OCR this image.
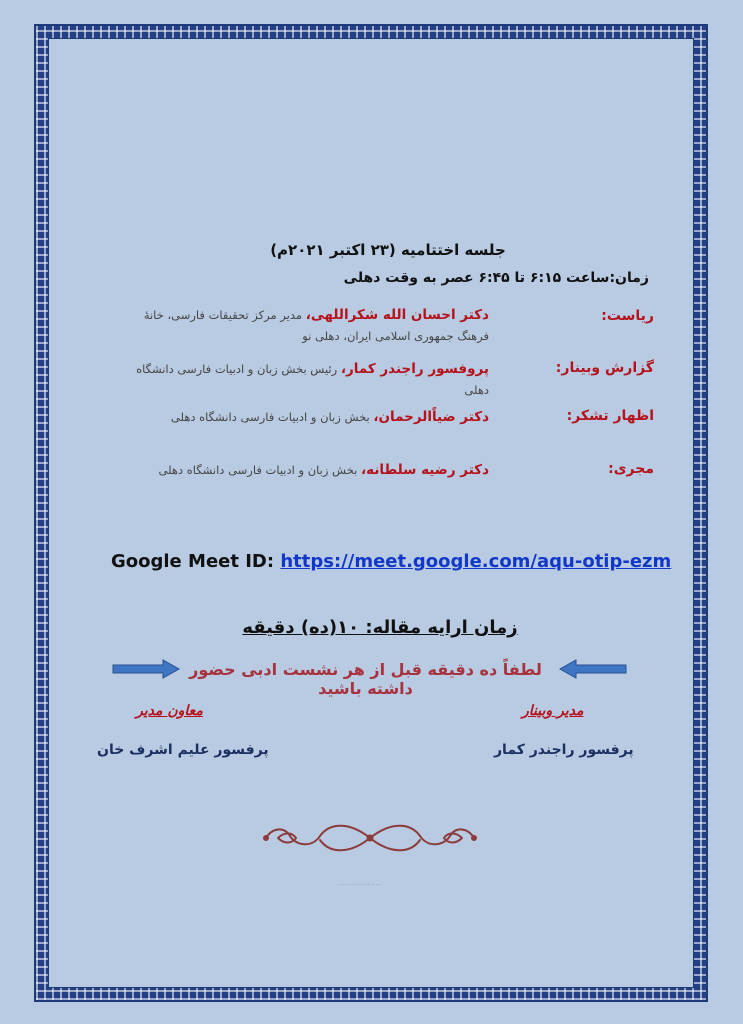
جلسه اختتامیه (۲۳ اکتبر ۲۰۲۱م)
زمان:ساعت ۶:۱۵ تا ۶:۴۵ عصر به وقت دهلی
ریاست:
دکتر احسان الله شکراللهی، مدیر مرکز تحقیقات فارسی، خانهٔ فرهنگ جمهوری اسلامی ایران، دهلی نو
گزارش وبینار:
پروفسور راجندر کمار، رئیس بخش زبان و ادبیات فارسی دانشگاه دهلی
اظهار تشکر:
دکتر ضیاًالرحمان، بخش زبان و ادبیات فارسی دانشگاه دهلی
مجری:
دکتر رضیه سلطانه، بخش زبان و ادبیات فارسی دانشگاه دهلی
Google Meet ID: https://meet.google.com/aqu-otip-ezm
زمان ارایه مقاله: ۱۰(ده) دقیقه
لطفاً ده دقیقه قبل از هر نشست ادبی حضور داشته باشید
معاون مدیر	مدیر وبینار
پرفسور علیم اشرف خان	پرفسور راجندر کمار
· · · · · · · · · · · · · · · ·
